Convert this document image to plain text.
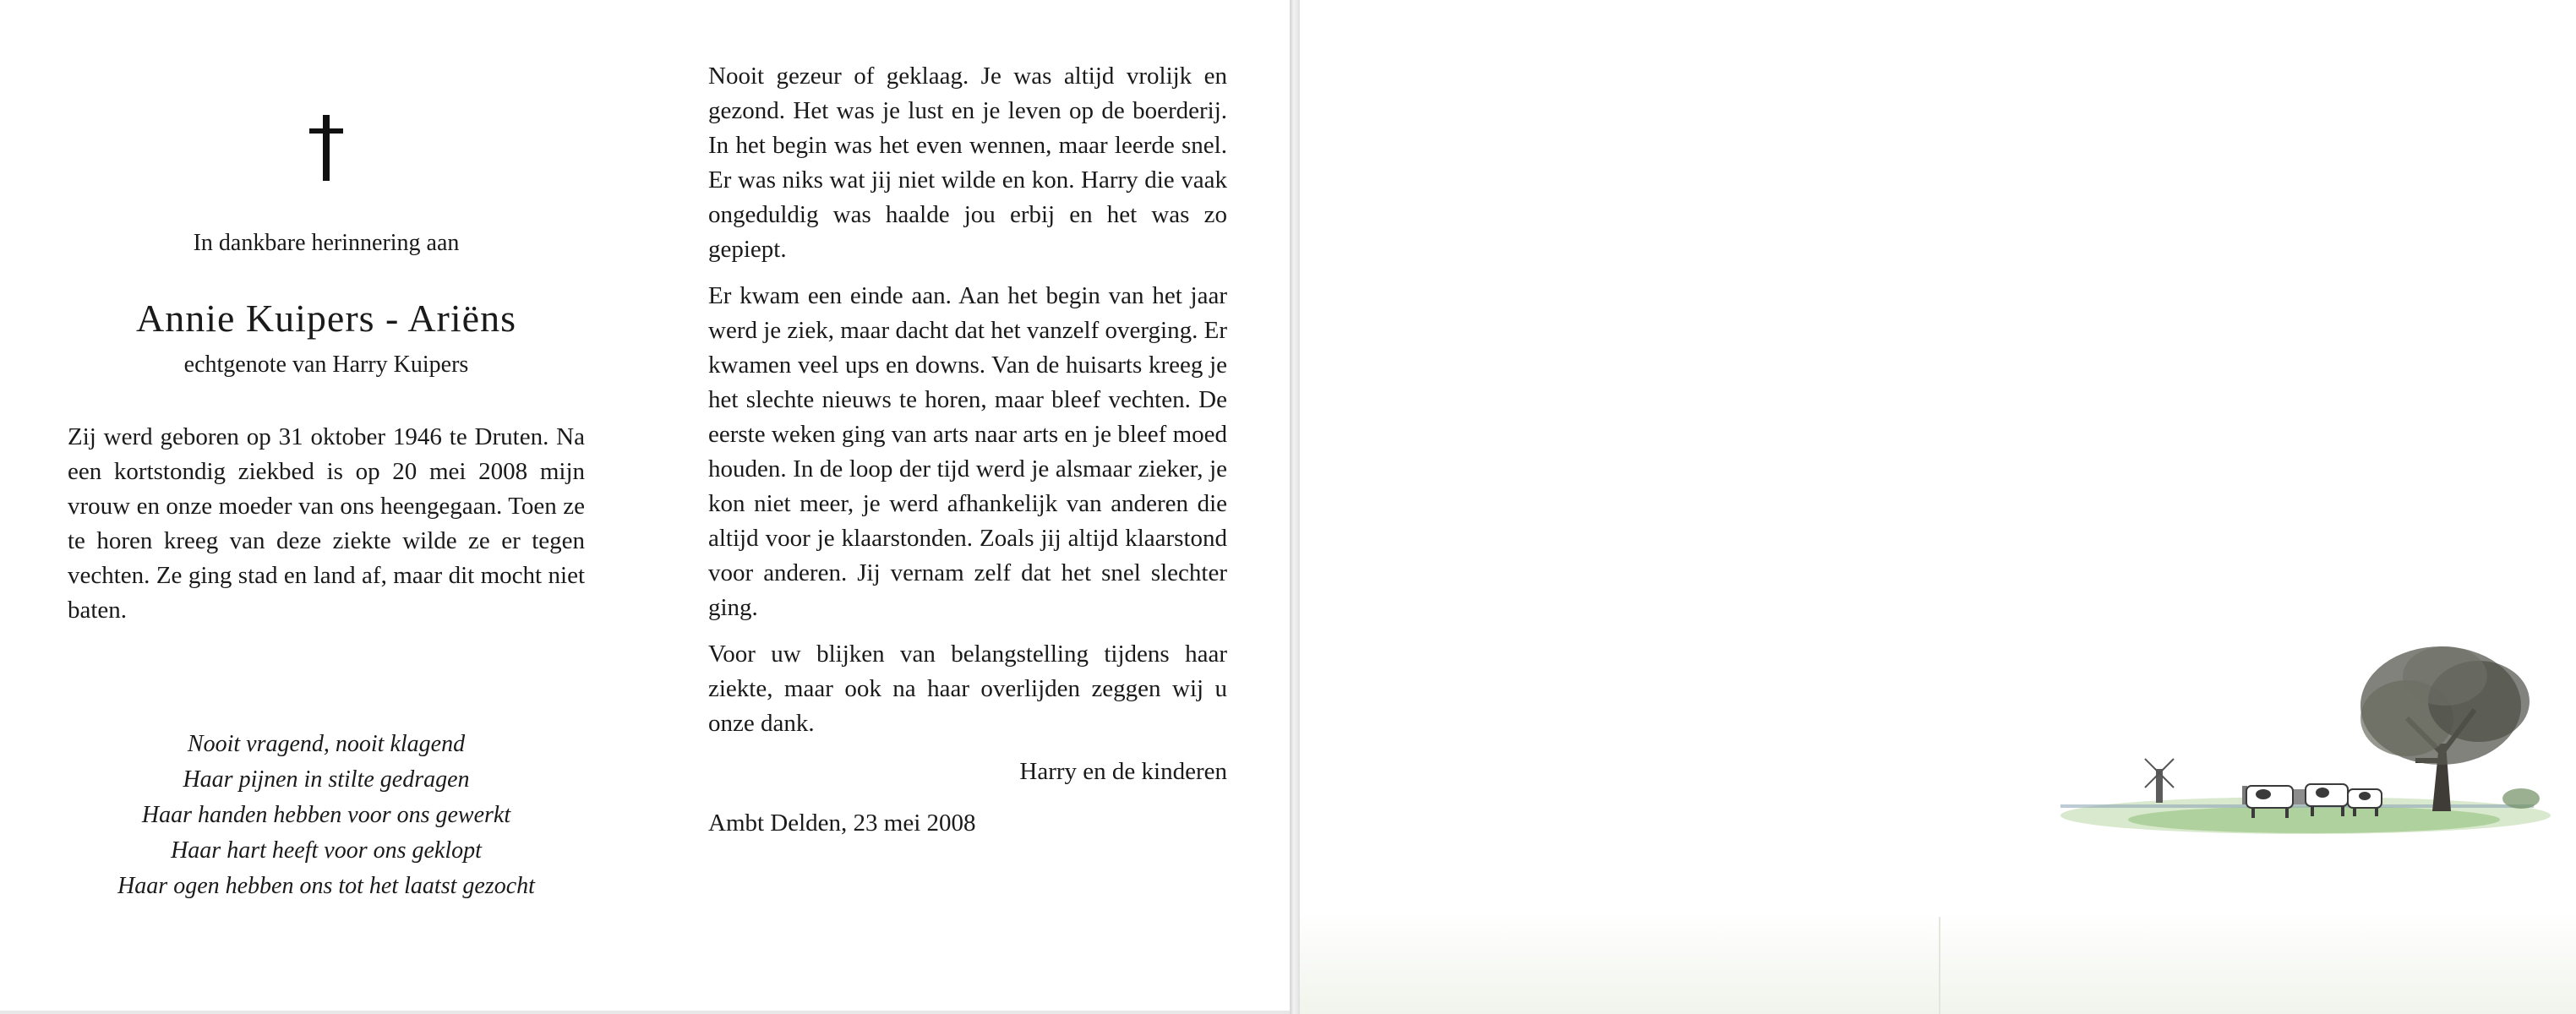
In dankbare herinnering aan
Annie Kuipers - Ariëns
echtgenote van Harry Kuipers
Zij werd geboren op 31 oktober 1946 te Druten. Na een kortstondig ziekbed is op 20 mei 2008 mijn vrouw en onze moeder van ons heengegaan. Toen ze te horen kreeg van deze ziekte wilde ze er tegen vechten. Ze ging stad en land af, maar dit mocht niet baten.
Nooit vragend, nooit klagend
Haar pijnen in stilte gedragen
Haar handen hebben voor ons gewerkt
Haar hart heeft voor ons geklopt
Haar ogen hebben ons tot het laatst gezocht

Nooit gezeur of geklaag. Je was altijd vrolijk en gezond. Het was je lust en je leven op de boerderij. In het begin was het even wennen, maar leerde snel. Er was niks wat jij niet wilde en kon. Harry die vaak ongeduldig was haalde jou erbij en het was zo gepiept.

Er kwam een einde aan. Aan het begin van het jaar werd je ziek, maar dacht dat het vanzelf overging. Er kwamen veel ups en downs. Van de huisarts kreeg je het slechte nieuws te horen, maar bleef vechten. De eerste weken ging van arts naar arts en je bleef moed houden. In de loop der tijd werd je alsmaar zieker, je kon niet meer, je werd afhankelijk van anderen die altijd voor je klaarstonden. Zoals jij altijd klaarstond voor anderen. Jij vernam zelf dat het snel slechter ging.

Voor uw blijken van belangstelling tijdens haar ziekte, maar ook na haar overlijden zeggen wij u onze dank.

Harry en de kinderen
Ambt Delden, 23 mei 2008
